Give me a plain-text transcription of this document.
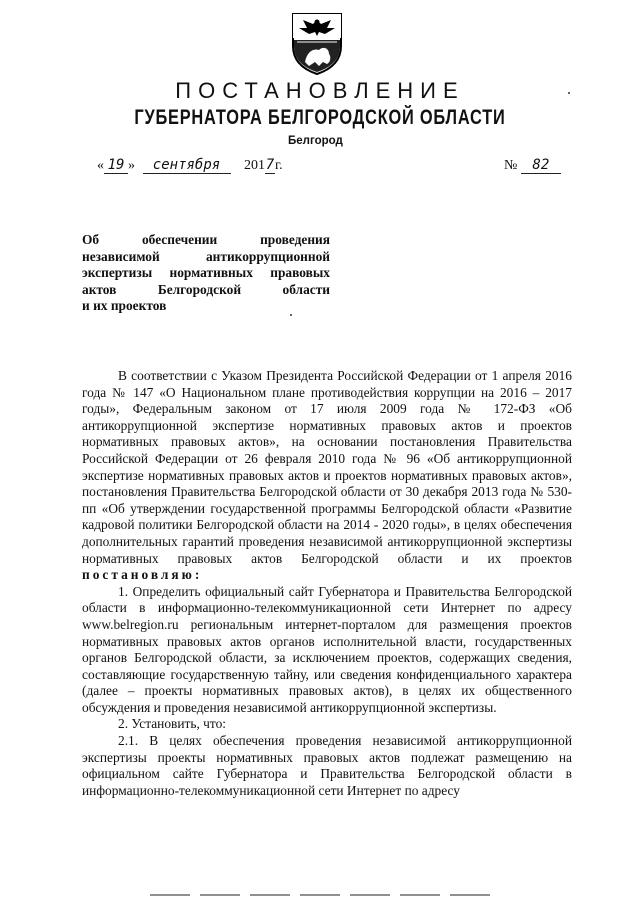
ПОСТАНОВЛЕНИЕ
ГУБЕРНАТОРА БЕЛГОРОДСКОЙ ОБЛАСТИ
Белгород
« 19 » сентября 2017г.	№ 82
Об обеспечении проведения
независимой антикоррупционной
экспертизы нормативных правовых
актов Белгородской области
и их проектов

В соответствии с Указом Президента Российской Федерации от 1 апреля 2016 года № 147 «О Национальном плане противодействия коррупции на 2016 – 2017 годы», Федеральным законом от 17 июля 2009 года № 172-ФЗ «Об антикоррупционной экспертизе нормативных правовых актов и проектов нормативных правовых актов», на основании постановления Правительства Российской Федерации от 26 февраля 2010 года № 96 «Об антикоррупционной экспертизе нормативных правовых актов и проектов нормативных правовых актов», постановления Правительства Белгородской области от 30 декабря 2013 года № 530-пп «Об утверждении государственной программы Белгородской области «Развитие кадровой политики Белгородской области на 2014 - 2020 годы», в целях обеспечения дополнительных гарантий проведения независимой антикоррупционной экспертизы нормативных правовых актов Белгородской области и их проектов постановляю:

1. Определить официальный сайт Губернатора и Правительства Белгородской области в информационно-телекоммуникационной сети Интернет по адресу www.belregion.ru региональным интернет-порталом для размещения проектов нормативных правовых актов органов исполнительной власти, государственных органов Белгородской области, за исключением проектов, содержащих сведения, составляющие государственную тайну, или сведения конфиденциального характера (далее – проекты нормативных правовых актов), в целях их общественного обсуждения и проведения независимой антикоррупционной экспертизы.

2. Установить, что:

2.1. В целях обеспечения проведения независимой антикоррупционной экспертизы проекты нормативных правовых актов подлежат размещению на официальном сайте Губернатора и Правительства Белгородской области в информационно-телекоммуникационной сети Интернет по адресу
